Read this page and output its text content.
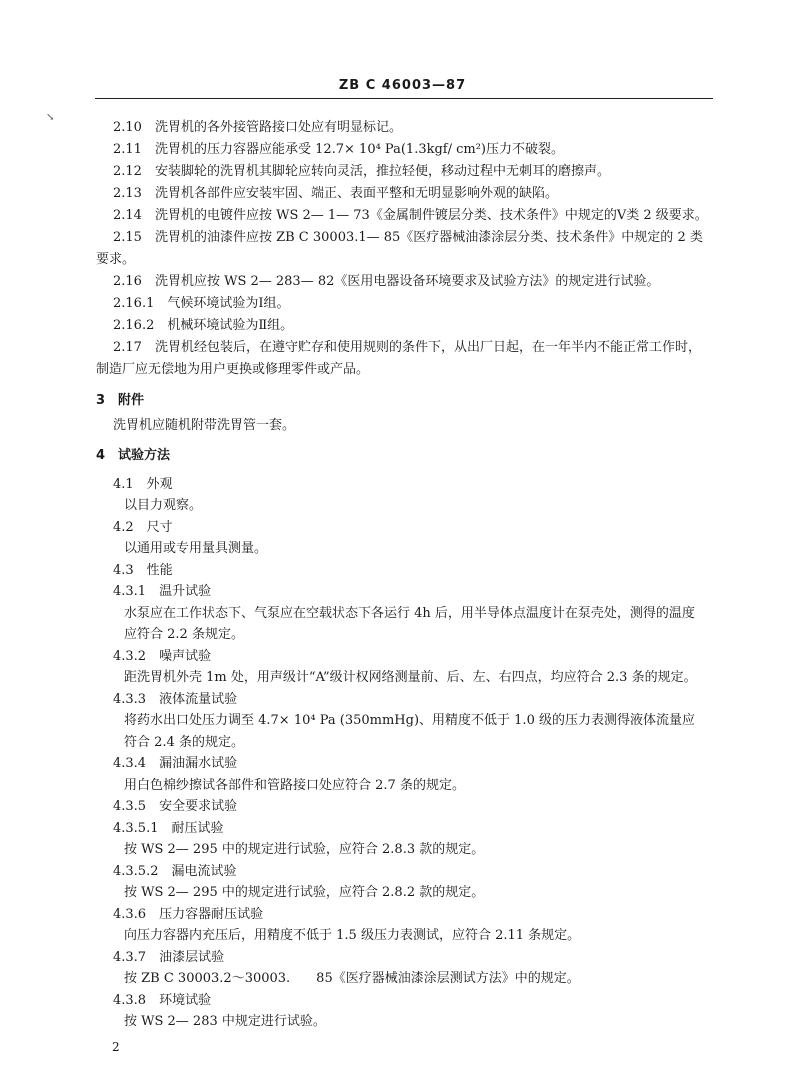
ZB C 46003—87
↘
2.10　洗胃机的各外接管路接口处应有明显标记。
2.11　洗胃机的压力容器应能承受 12.7× 10⁴ Pa(1.3kgf/ cm²)压力不破裂。
2.12　安装脚轮的洗胃机其脚轮应转向灵活，推拉轻便，移动过程中无刺耳的磨擦声。
2.13　洗胃机各部件应安装牢固、端正、表面平整和无明显影响外观的缺陷。
2.14　洗胃机的电镀件应按 WS 2— 1— 73《金属制件镀层分类、技术条件》中规定的Ⅴ类 2 级要求。
2.15　洗胃机的油漆件应按 ZB C 30003.1— 85《医疗器械油漆涂层分类、技术条件》中规定的 2 类
要求。
2.16　洗胃机应按 WS 2— 283— 82《医用电器设备环境要求及试验方法》的规定进行试验。
2.16.1　气候环境试验为Ⅰ组。
2.16.2　机械环境试验为Ⅱ组。
2.17　洗胃机经包装后，在遵守贮存和使用规则的条件下，从出厂日起，在一年半内不能正常工作时，
制造厂应无偿地为用户更换或修理零件或产品。
3　附件
洗胃机应随机附带洗胃管一套。
4　试验方法
4.1　外观
以目力观察。
4.2　尺寸
以通用或专用量具测量。
4.3　性能
4.3.1　温升试验
水泵应在工作状态下、气泵应在空载状态下各运行 4h 后，用半导体点温度计在泵壳处，测得的温度
应符合 2.2 条规定。
4.3.2　噪声试验
距洗胃机外壳 1m 处，用声级计“A”级计权网络测量前、后、左、右四点，均应符合 2.3 条的规定。
4.3.3　液体流量试验
将药水出口处压力调至 4.7× 10⁴ Pa (350mmHg)、用精度不低于 1.0 级的压力表测得液体流量应
符合 2.4 条的规定。
4.3.4　漏油漏水试验
用白色棉纱擦试各部件和管路接口处应符合 2.7 条的规定。
4.3.5　安全要求试验
4.3.5.1　耐压试验
按 WS 2— 295 中的规定进行试验，应符合 2.8.3 款的规定。
4.3.5.2　漏电流试验
按 WS 2— 295 中的规定进行试验，应符合 2.8.2 款的规定。
4.3.6　压力容器耐压试验
向压力容器内充压后，用精度不低于 1.5 级压力表测试，应符合 2.11 条规定。
4.3.7　油漆层试验
按 ZB C 30003.2～30003.　　85《医疗器械油漆涂层测试方法》中的规定。
4.3.8　环境试验
按 WS 2— 283 中规定进行试验。
2
